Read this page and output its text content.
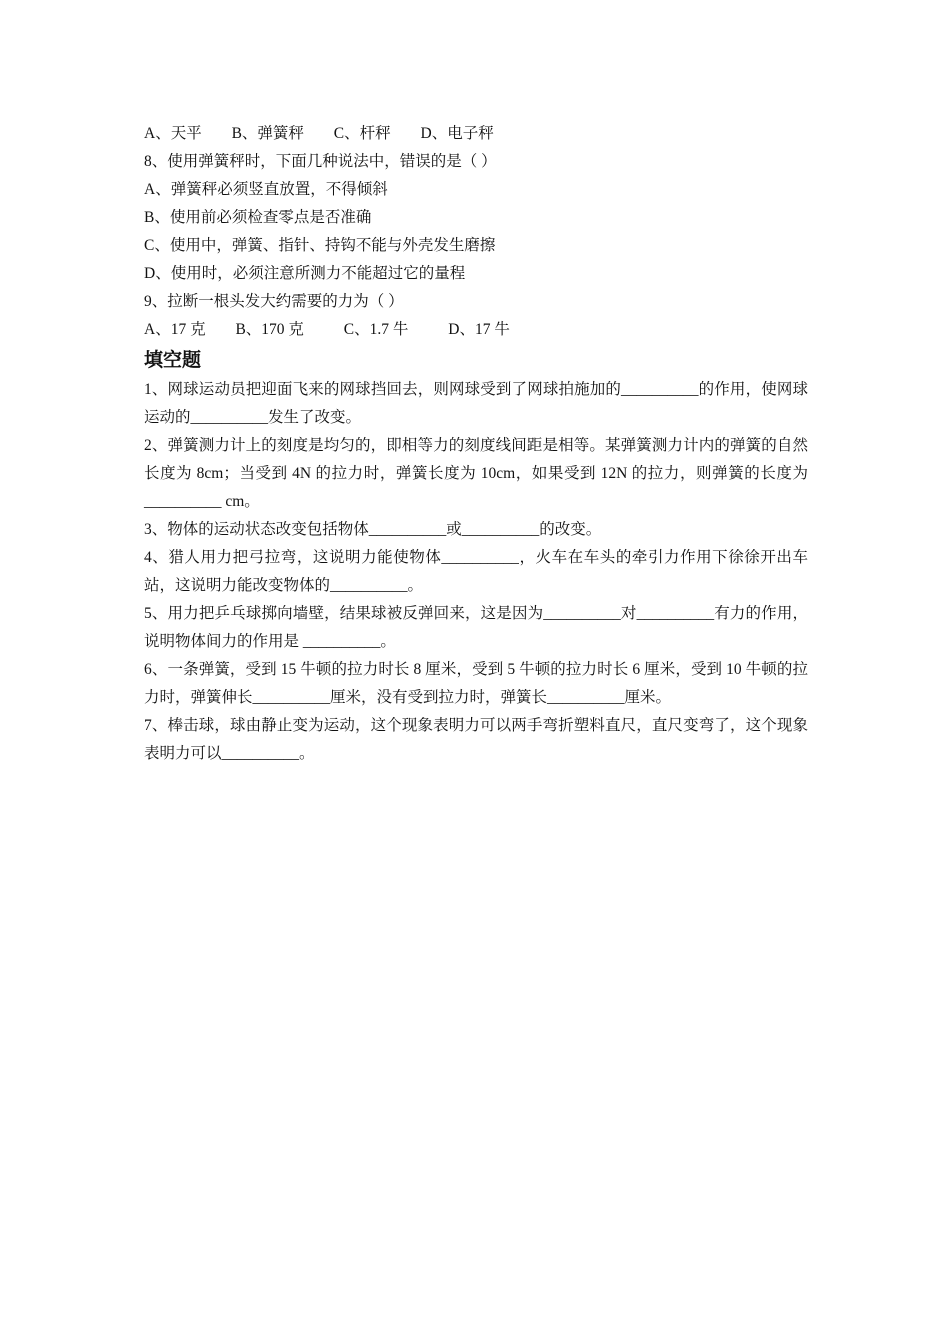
A、天平 B、弹簧秤 C、杆秤 D、电子秤
8、使用弹簧秤时，下面几种说法中，错误的是（ ）
A、弹簧秤必须竖直放置，不得倾斜
B、使用前必须检查零点是否准确
C、使用中，弹簧、指针、持钩不能与外壳发生磨擦
D、使用时，必须注意所测力不能超过它的量程
9、拉断一根头发大约需要的力为（ ）
A、17 克 B、170 克	C、1.7 牛	D、17 牛
填空题
1、网球运动员把迎面飞来的网球挡回去，则网球受到了网球拍施加的__________的作用，使网球运动的__________发生了改变。
2、弹簧测力计上的刻度是均匀的，即相等力的刻度线间距是相等。某弹簧测力计内的弹簧的自然长度为 8cm；当受到 4N 的拉力时，弹簧长度为 10cm，如果受到 12N 的拉力，则弹簧的长度为__________ cm。
3、物体的运动状态改变包括物体__________或__________的改变。
4、猎人用力把弓拉弯，这说明力能使物体__________，火车在车头的牵引力作用下徐徐开出车站，这说明力能改变物体的__________。
5、用力把乒乓球掷向墙壁，结果球被反弹回来，这是因为__________对__________有力的作用，说明物体间力的作用是 __________。
6、一条弹簧，受到 15 牛顿的拉力时长 8 厘米，受到 5 牛顿的拉力时长 6 厘米，受到 10 牛顿的拉力时，弹簧伸长__________厘米，没有受到拉力时，弹簧长__________厘米。
7、棒击球，球由静止变为运动，这个现象表明力可以两手弯折塑料直尺，直尺变弯了，这个现象表明力可以__________。
